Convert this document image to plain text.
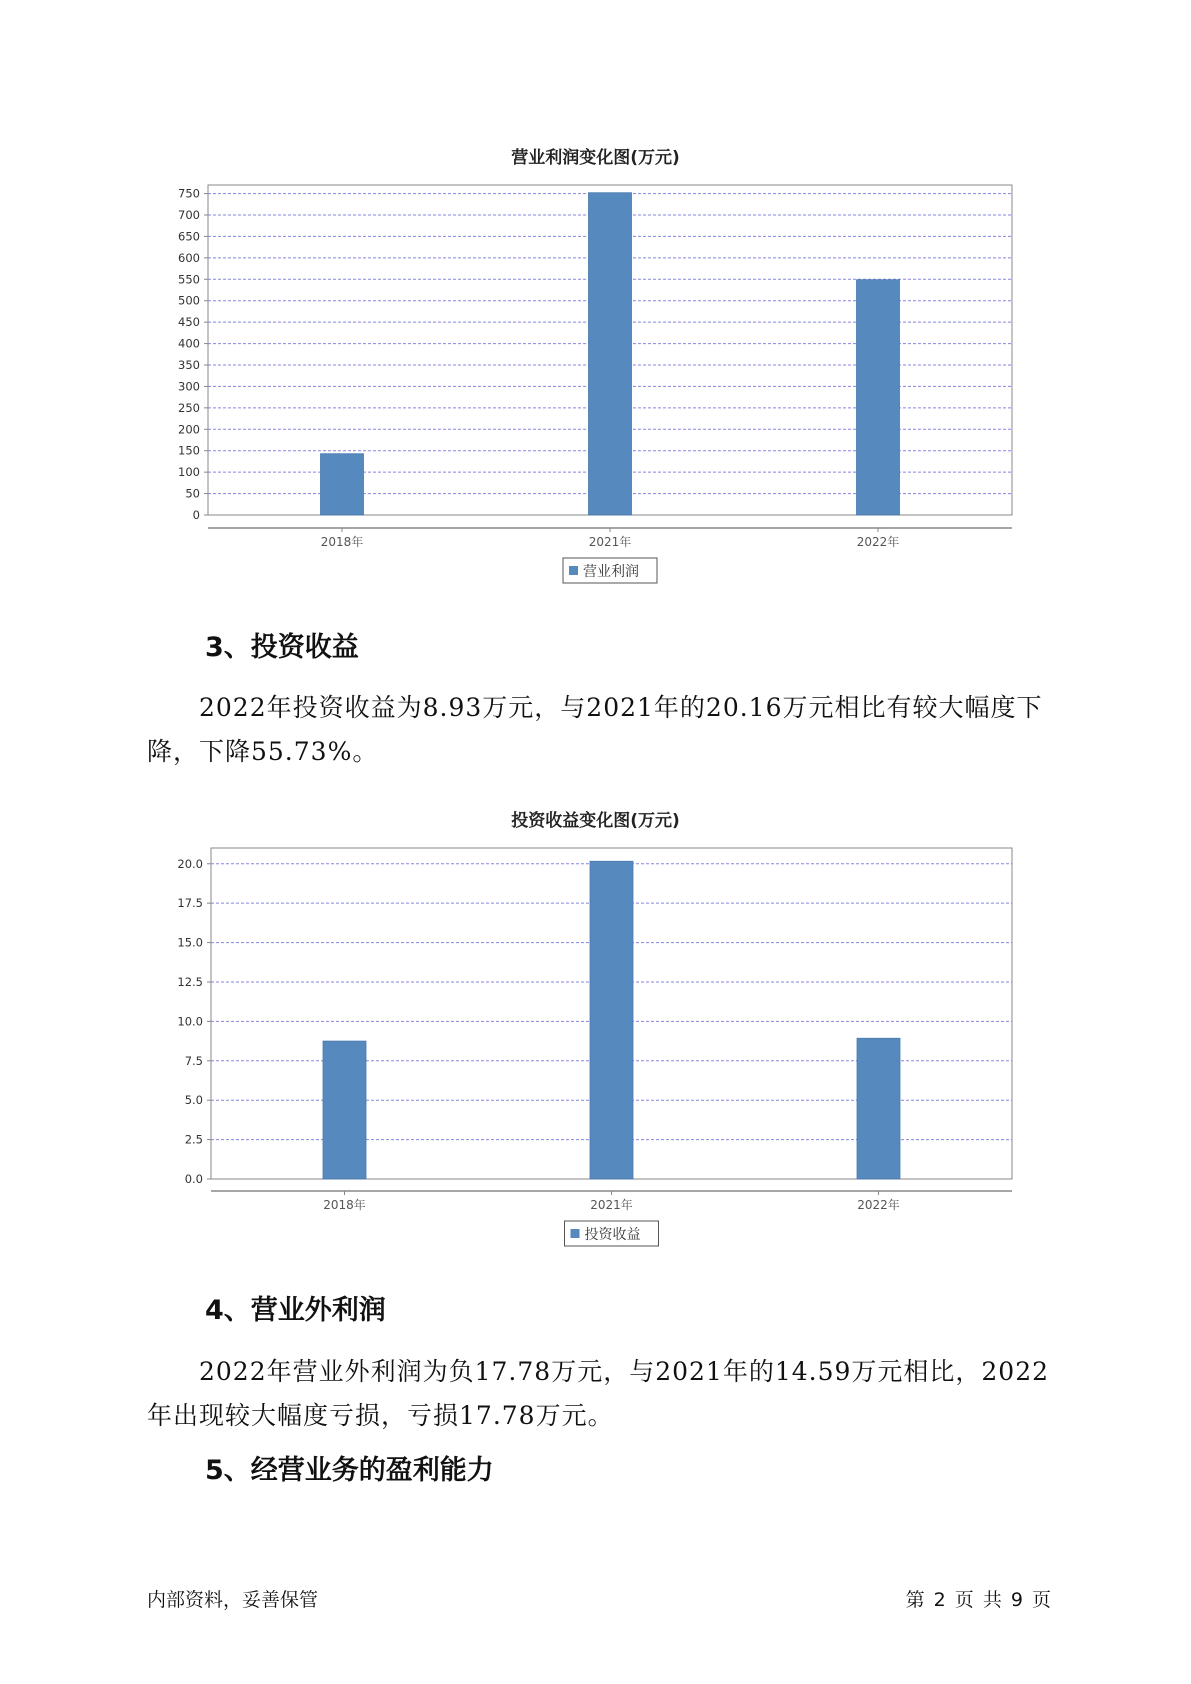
营业利润变化图(万元)
0
50
100
150
200
250
300
350
400
450
500
550
600
650
700
750
2018年	2021年	2022年
营业利润
3、投资收益
2022年投资收益为8.93万元，与2021年的20.16万元相比有较大幅度下
降，下降55.73%。
投资收益变化图(万元)
0.0
2.5
5.0
7.5
10.0
12.5
15.0
17.5
20.0
2018年	2021年	2022年
投资收益
4、营业外利润
2022年营业外利润为负17.78万元，与2021年的14.59万元相比，2022
年出现较大幅度亏损，亏损17.78万元。
5、经营业务的盈利能力
内部资料，妥善保管	第 2 页 共 9 页
